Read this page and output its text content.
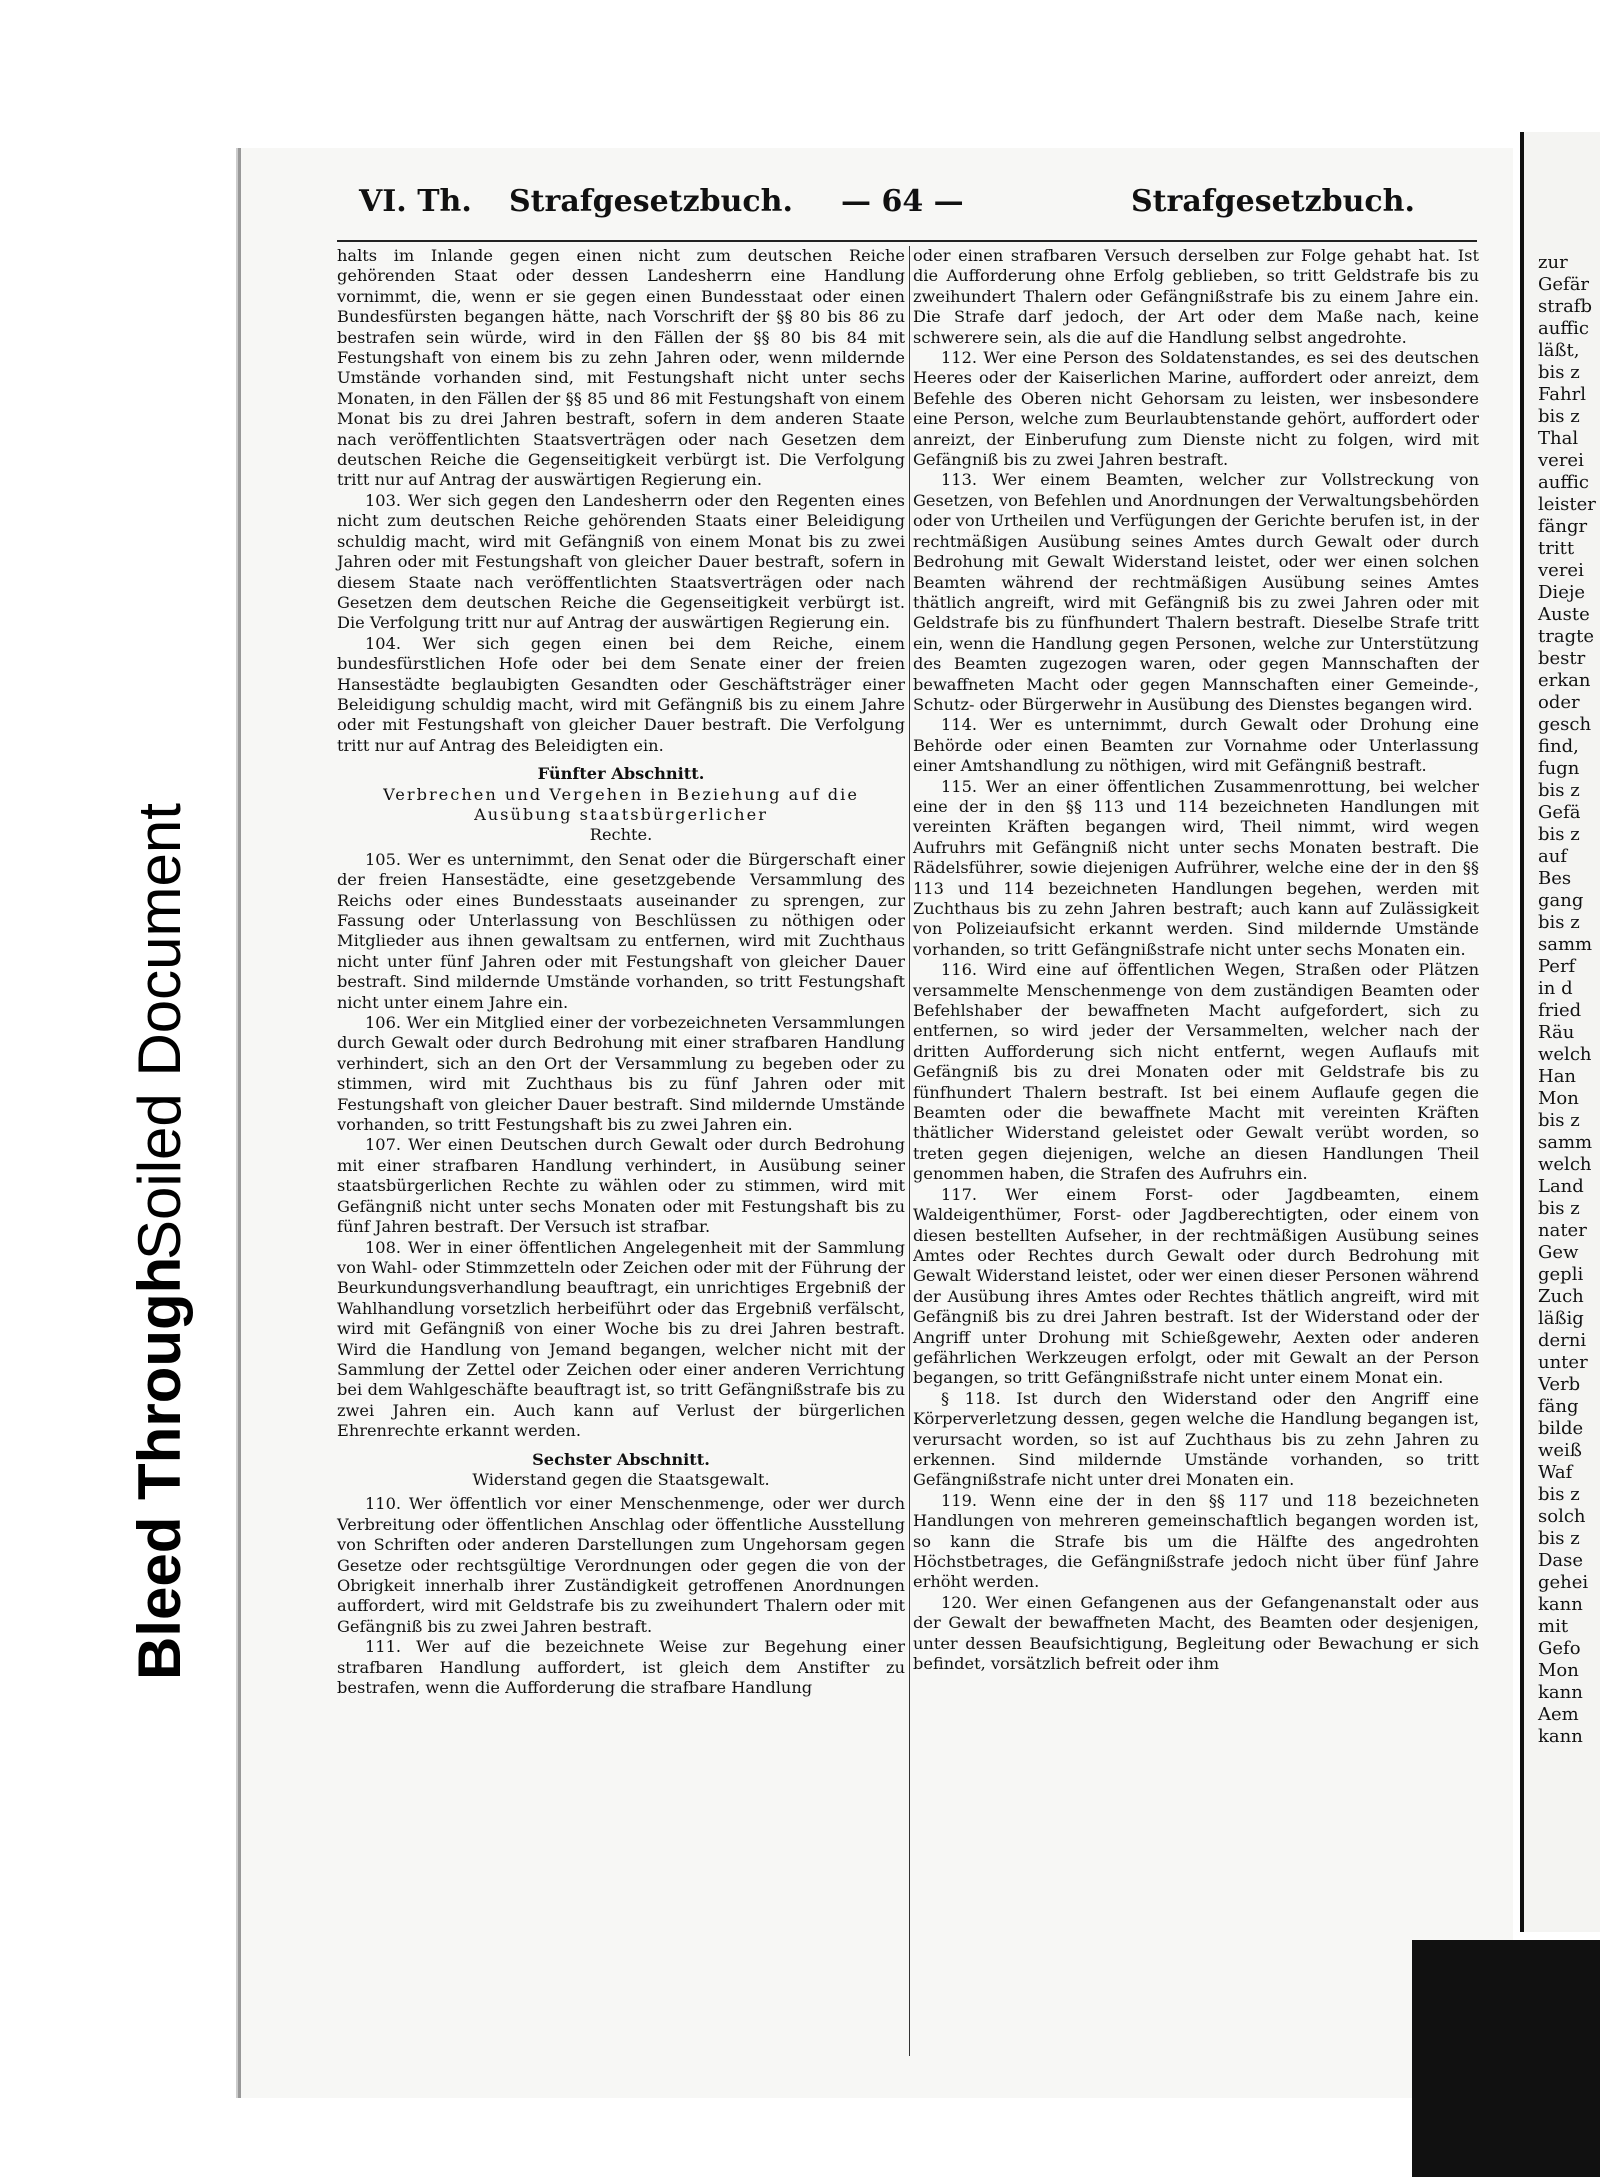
Bleed Through
Soiled Document
VI. Th. Strafgesetzbuch. — 64 —	Strafgesetzbuch.

halts im Inlande gegen einen nicht zum deutschen Reiche gehörenden Staat oder dessen Landesherrn eine Handlung vornimmt, die, wenn er sie gegen einen Bundesstaat oder einen Bundesfürsten begangen hätte, nach Vorschrift der §§ 80 bis 86 zu bestrafen sein würde, wird in den Fällen der §§ 80 bis 84 mit Festungshaft von einem bis zu zehn Jahren oder, wenn mildernde Umstände vorhanden sind, mit Festungshaft nicht unter sechs Monaten, in den Fällen der §§ 85 und 86 mit Festungshaft von einem Monat bis zu drei Jahren bestraft, sofern in dem anderen Staate nach veröffentlichten Staatsverträgen oder nach Gesetzen dem deutschen Reiche die Gegenseitigkeit verbürgt ist. Die Verfolgung tritt nur auf Antrag der auswärtigen Regierung ein.

103. Wer sich gegen den Landesherrn oder den Regenten eines nicht zum deutschen Reiche gehörenden Staats einer Beleidigung schuldig macht, wird mit Gefängniß von einem Monat bis zu zwei Jahren oder mit Festungshaft von gleicher Dauer bestraft, sofern in diesem Staate nach veröffentlichten Staatsverträgen oder nach Gesetzen dem deutschen Reiche die Gegenseitigkeit verbürgt ist. Die Verfolgung tritt nur auf Antrag der auswärtigen Regierung ein.

104. Wer sich gegen einen bei dem Reiche, einem bundesfürstlichen Hofe oder bei dem Senate einer der freien Hansestädte beglaubigten Gesandten oder Geschäftsträger einer Beleidigung schuldig macht, wird mit Gefängniß bis zu einem Jahre oder mit Festungshaft von gleicher Dauer bestraft. Die Verfolgung tritt nur auf Antrag des Beleidigten ein.

Fünfter Abschnitt.

Verbrechen und Vergehen in Beziehung auf die Ausübung staatsbürgerlicher

Rechte.

105. Wer es unternimmt, den Senat oder die Bürgerschaft einer der freien Hansestädte, eine gesetzgebende Versammlung des Reichs oder eines Bundesstaats auseinander zu sprengen, zur Fassung oder Unterlassung von Beschlüssen zu nöthigen oder Mitglieder aus ihnen gewaltsam zu entfernen, wird mit Zuchthaus nicht unter fünf Jahren oder mit Festungshaft von gleicher Dauer bestraft. Sind mildernde Umstände vorhanden, so tritt Festungshaft nicht unter einem Jahre ein.

106. Wer ein Mitglied einer der vorbezeichneten Versammlungen durch Gewalt oder durch Bedrohung mit einer strafbaren Handlung verhindert, sich an den Ort der Versammlung zu begeben oder zu stimmen, wird mit Zuchthaus bis zu fünf Jahren oder mit Festungshaft von gleicher Dauer bestraft. Sind mildernde Umstände vorhanden, so tritt Festungshaft bis zu zwei Jahren ein.

107. Wer einen Deutschen durch Gewalt oder durch Bedrohung mit einer strafbaren Handlung verhindert, in Ausübung seiner staatsbürgerlichen Rechte zu wählen oder zu stimmen, wird mit Gefängniß nicht unter sechs Monaten oder mit Festungshaft bis zu fünf Jahren bestraft. Der Versuch ist strafbar.

108. Wer in einer öffentlichen Angelegenheit mit der Sammlung von Wahl- oder Stimmzetteln oder Zeichen oder mit der Führung der Beurkundungsverhandlung beauftragt, ein unrichtiges Ergebniß der Wahlhandlung vorsetzlich herbeiführt oder das Ergebniß verfälscht, wird mit Gefängniß von einer Woche bis zu drei Jahren bestraft. Wird die Handlung von Jemand begangen, welcher nicht mit der Sammlung der Zettel oder Zeichen oder einer anderen Verrichtung bei dem Wahlgeschäfte beauftragt ist, so tritt Gefängnißstrafe bis zu zwei Jahren ein. Auch kann auf Verlust der bürgerlichen Ehrenrechte erkannt werden.

Sechster Abschnitt.

Widerstand gegen die Staatsgewalt.

110. Wer öffentlich vor einer Menschenmenge, oder wer durch Verbreitung oder öffentlichen Anschlag oder öffentliche Ausstellung von Schriften oder anderen Darstellungen zum Ungehorsam gegen Gesetze oder rechtsgültige Verordnungen oder gegen die von der Obrigkeit innerhalb ihrer Zuständigkeit getroffenen Anordnungen auffordert, wird mit Geldstrafe bis zu zweihundert Thalern oder mit Gefängniß bis zu zwei Jahren bestraft.

111. Wer auf die bezeichnete Weise zur Begehung einer strafbaren Handlung auffordert, ist gleich dem Anstifter zu bestrafen, wenn die Aufforderung die strafbare Handlung

oder einen strafbaren Versuch derselben zur Folge gehabt hat. Ist die Aufforderung ohne Erfolg geblieben, so tritt Geldstrafe bis zu zweihundert Thalern oder Gefängnißstrafe bis zu einem Jahre ein. Die Strafe darf jedoch, der Art oder dem Maße nach, keine schwerere sein, als die auf die Handlung selbst angedrohte.

112. Wer eine Person des Soldatenstandes, es sei des deutschen Heeres oder der Kaiserlichen Marine, auffordert oder anreizt, dem Befehle des Oberen nicht Gehorsam zu leisten, wer insbesondere eine Person, welche zum Beurlaubtenstande gehört, auffordert oder anreizt, der Einberufung zum Dienste nicht zu folgen, wird mit Gefängniß bis zu zwei Jahren bestraft.

113. Wer einem Beamten, welcher zur Vollstreckung von Gesetzen, von Befehlen und Anordnungen der Verwaltungsbehörden oder von Urtheilen und Verfügungen der Gerichte berufen ist, in der rechtmäßigen Ausübung seines Amtes durch Gewalt oder durch Bedrohung mit Gewalt Widerstand leistet, oder wer einen solchen Beamten während der rechtmäßigen Ausübung seines Amtes thätlich angreift, wird mit Gefängniß bis zu zwei Jahren oder mit Geldstrafe bis zu fünfhundert Thalern bestraft. Dieselbe Strafe tritt ein, wenn die Handlung gegen Personen, welche zur Unterstützung des Beamten zugezogen waren, oder gegen Mannschaften der bewaffneten Macht oder gegen Mannschaften einer Gemeinde-, Schutz- oder Bürgerwehr in Ausübung des Dienstes begangen wird.

114. Wer es unternimmt, durch Gewalt oder Drohung eine Behörde oder einen Beamten zur Vornahme oder Unterlassung einer Amtshandlung zu nöthigen, wird mit Gefängniß bestraft.

115. Wer an einer öffentlichen Zusammenrottung, bei welcher eine der in den §§ 113 und 114 bezeichneten Handlungen mit vereinten Kräften begangen wird, Theil nimmt, wird wegen Aufruhrs mit Gefängniß nicht unter sechs Monaten bestraft. Die Rädelsführer, sowie diejenigen Aufrührer, welche eine der in den §§ 113 und 114 bezeichneten Handlungen begehen, werden mit Zuchthaus bis zu zehn Jahren bestraft; auch kann auf Zulässigkeit von Polizeiaufsicht erkannt werden. Sind mildernde Umstände vorhanden, so tritt Gefängnißstrafe nicht unter sechs Monaten ein.

116. Wird eine auf öffentlichen Wegen, Straßen oder Plätzen versammelte Menschenmenge von dem zuständigen Beamten oder Befehlshaber der bewaffneten Macht aufgefordert, sich zu entfernen, so wird jeder der Versammelten, welcher nach der dritten Aufforderung sich nicht entfernt, wegen Auflaufs mit Gefängniß bis zu drei Monaten oder mit Geldstrafe bis zu fünfhundert Thalern bestraft. Ist bei einem Auflaufe gegen die Beamten oder die bewaffnete Macht mit vereinten Kräften thätlicher Widerstand geleistet oder Gewalt verübt worden, so treten gegen diejenigen, welche an diesen Handlungen Theil genommen haben, die Strafen des Aufruhrs ein.

117. Wer einem Forst- oder Jagdbeamten, einem Waldeigenthümer, Forst- oder Jagdberechtigten, oder einem von diesen bestellten Aufseher, in der rechtmäßigen Ausübung seines Amtes oder Rechtes durch Gewalt oder durch Bedrohung mit Gewalt Widerstand leistet, oder wer einen dieser Personen während der Ausübung ihres Amtes oder Rechtes thätlich angreift, wird mit Gefängniß bis zu drei Jahren bestraft. Ist der Widerstand oder der Angriff unter Drohung mit Schießgewehr, Aexten oder anderen gefährlichen Werkzeugen erfolgt, oder mit Gewalt an der Person begangen, so tritt Gefängnißstrafe nicht unter einem Monat ein.

§ 118. Ist durch den Widerstand oder den Angriff eine Körperverletzung dessen, gegen welche die Handlung begangen ist, verursacht worden, so ist auf Zuchthaus bis zu zehn Jahren zu erkennen. Sind mildernde Umstände vorhanden, so tritt Gefängnißstrafe nicht unter drei Monaten ein.

119. Wenn eine der in den §§ 117 und 118 bezeichneten Handlungen von mehreren gemeinschaftlich begangen worden ist, so kann die Strafe bis um die Hälfte des angedrohten Höchstbetrages, die Gefängnißstrafe jedoch nicht über fünf Jahre erhöht werden.

120. Wer einen Gefangenen aus der Gefangenanstalt oder aus der Gewalt der bewaffneten Macht, des Beamten oder desjenigen, unter dessen Beaufsichtigung, Begleitung oder Bewachung er sich befindet, vorsätzlich befreit oder ihm

zur
Gefär
strafb
auffic
läßt,
bis z
Fahrl
bis z
Thal
verei
auffic
leister
fängr
tritt
verei
Dieje
Auste
tragte
bestr
erkan
oder
gesch
find,
fugn
bis z
Gefä
bis z
auf
Bes
gang
bis z
samm
Perf
in d
fried
Räu
welch
Han
Mon
bis z
samm
welch
Land
bis z
nater
Gew
gepli
Zuch
läßig
derni
unter
Verb
fäng
bilde
weiß
Waf
bis z
solch
bis z
Dase
gehei
kann
mit
Gefo
Mon
kann
Aem
kann
